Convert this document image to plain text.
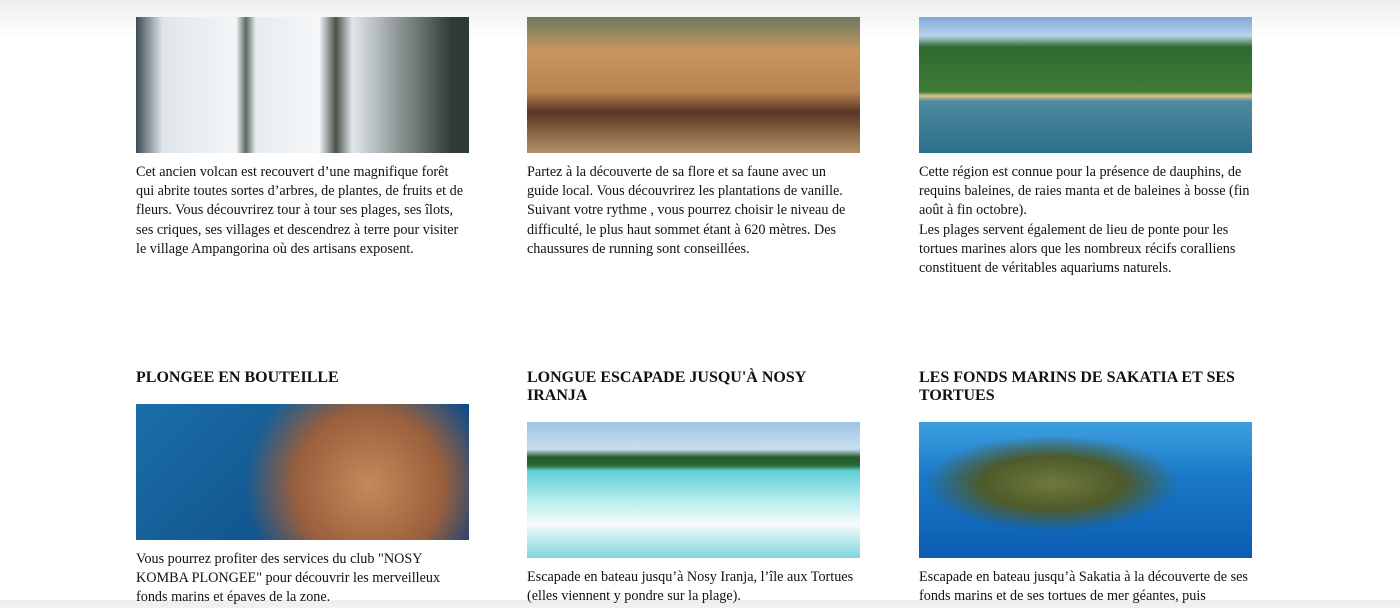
Cet ancien volcan est recouvert d’une magnifique forêt qui abrite toutes sortes d’arbres, de plantes, de fruits et de fleurs. Vous découvrirez tour à tour ses plages, ses îlots, ses criques, ses villages et descendrez à terre pour visiter le village Ampangorina où des artisans exposent.

Partez à la découverte de sa flore et sa faune avec un guide local. Vous découvrirez les plantations de vanille. Suivant votre rythme , vous pourrez choisir le niveau de difficulté, le plus haut sommet étant à 620 mètres. Des chaussures de running sont conseillées.

Cette région est connue pour la présence de dauphins, de requins baleines, de raies manta et de baleines à bosse (fin août à fin octobre).

Les plages servent également de lieu de ponte pour les tortues marines alors que les nombreux récifs coralliens constituent de véritables aquariums naturels.

PLONGEE EN BOUTEILLE

Vous pourrez profiter des services du club "NOSY KOMBA PLONGEE" pour découvrir les merveilleux fonds marins et épaves de la zone.

LONGUE ESCAPADE JUSQU'À NOSY IRANJA

Escapade en bateau jusqu’à Nosy Iranja, l’île aux Tortues (elles viennent y pondre sur la plage).

LES FONDS MARINS DE SAKATIA ET SES TORTUES

Escapade en bateau jusqu’à Sakatia à la découverte de ses fonds marins et de ses tortues de mer géantes, puis
